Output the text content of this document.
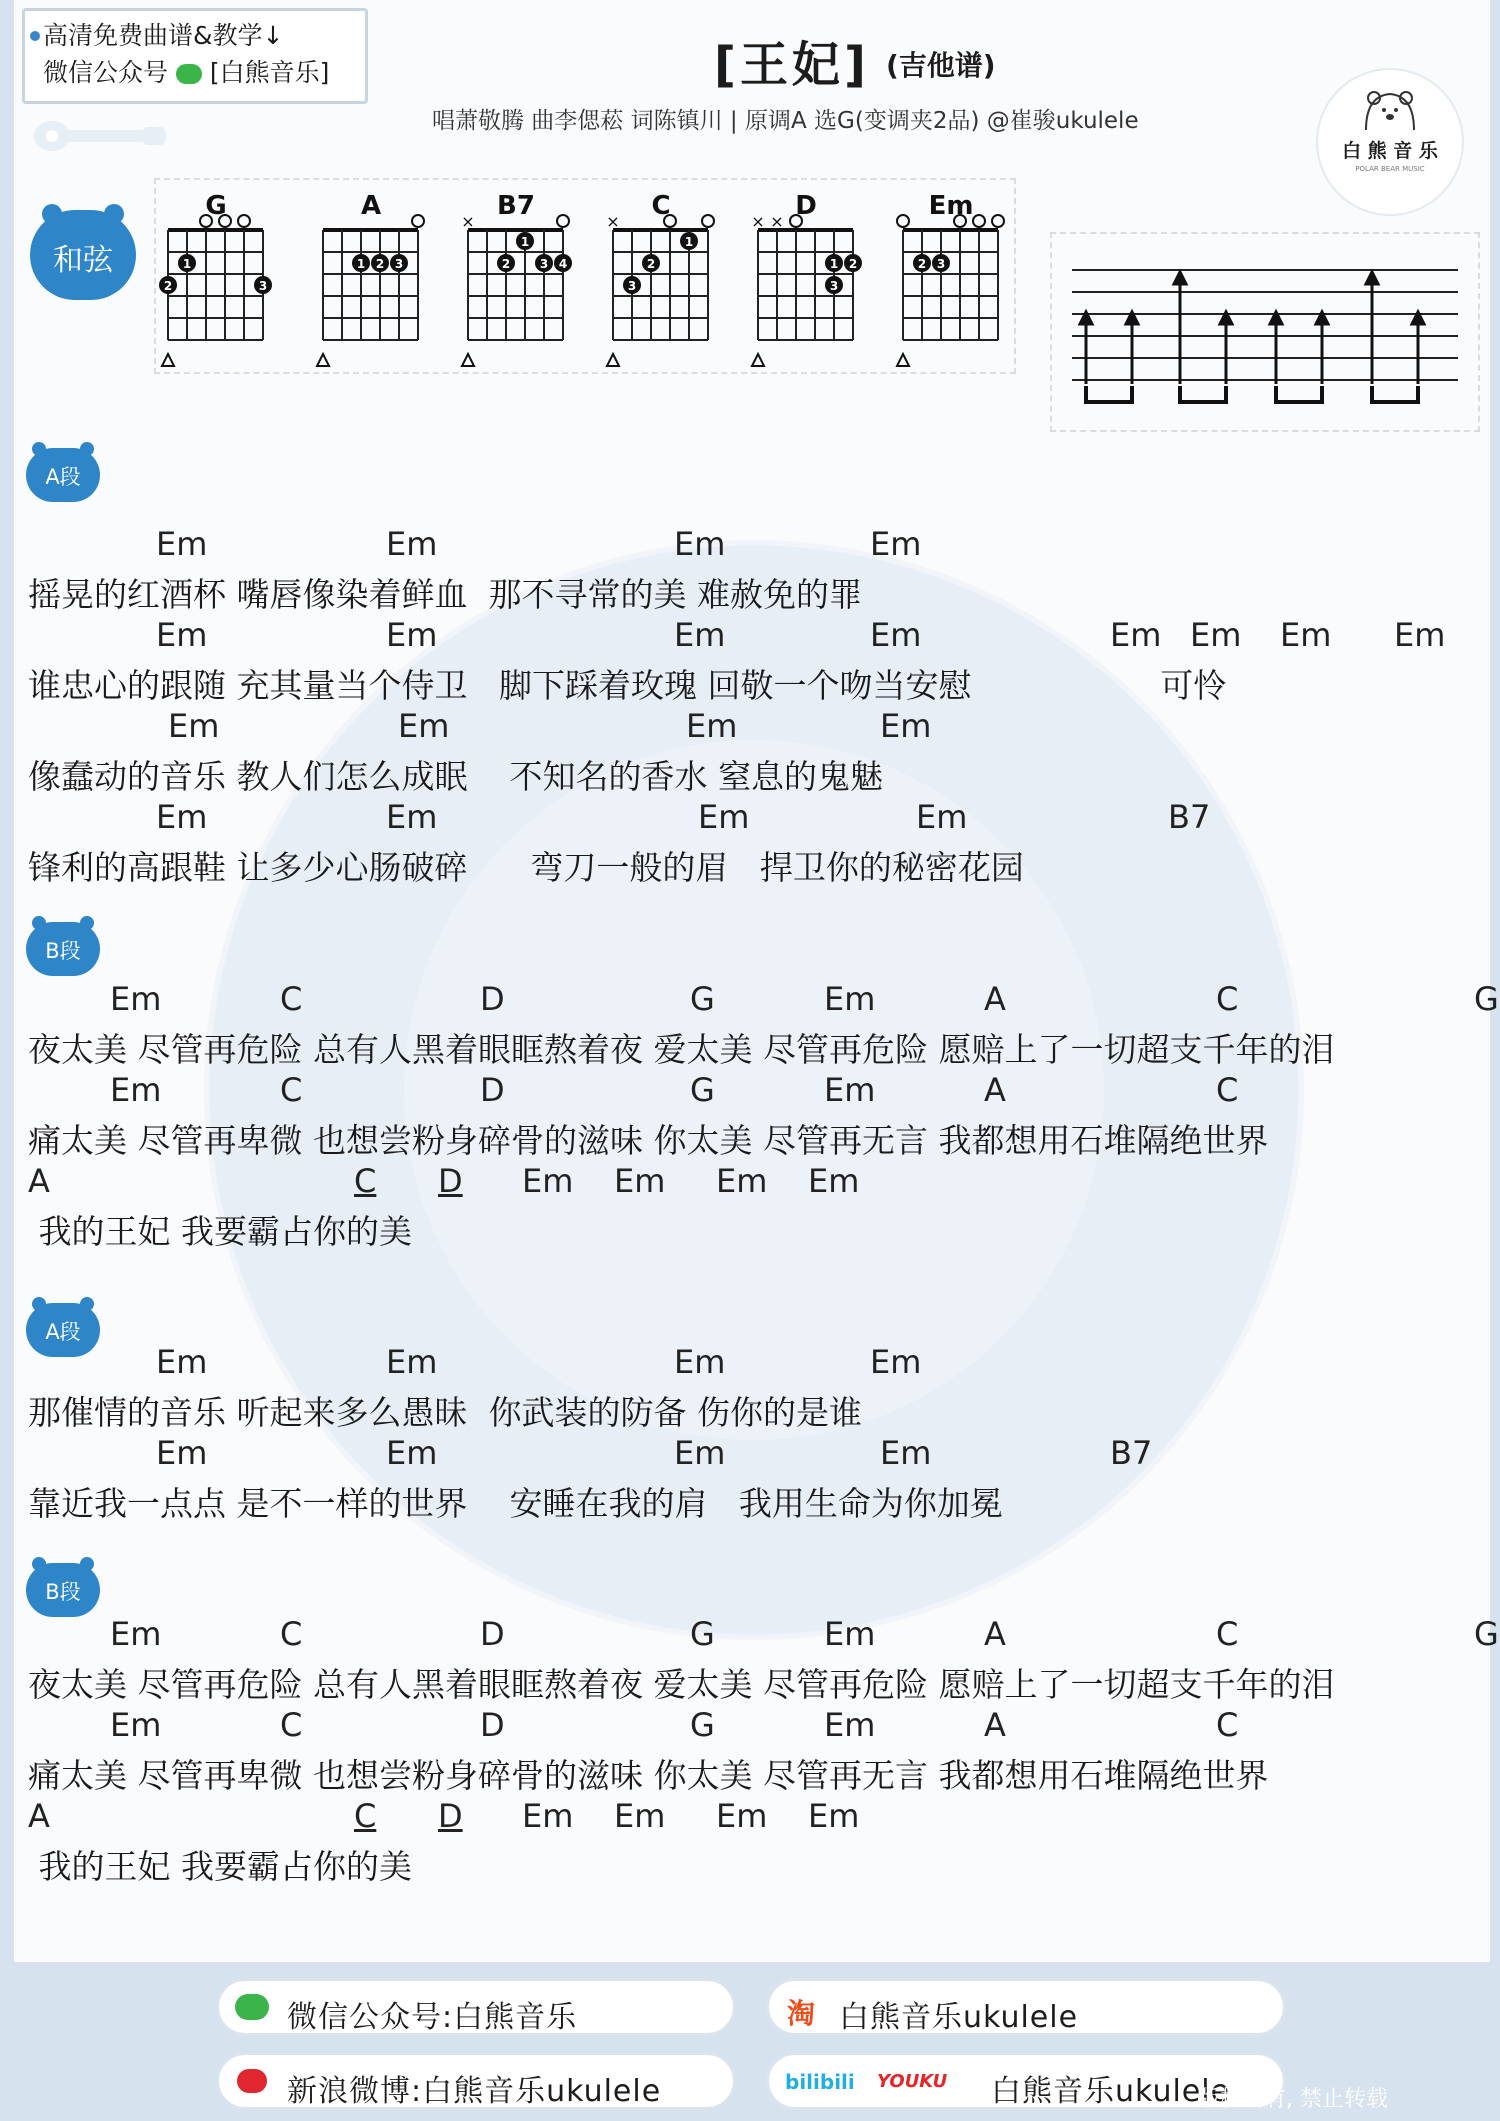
高清免费曲谱&教学↓
微信公众号 [白熊音乐]	[王妃] (吉他谱)
唱萧敬腾 曲李偲菘 词陈镇川 | 原调A 选G(变调夹2品) @崔骏ukulele
白 熊 音 乐
POLAR BEAR MUSIC
和弦
G
1
2	3
A
1 2 3
B7
×
1
2 3 4
C
×
1
2
3
D
× ×
1 2
3
Em
2 3
A段
Em	Em	Em	Em
摇晃的红酒杯 嘴唇像染着鲜血  那不寻常的美 难赦免的罪
Em	Em	Em	Em	Em Em Em Em
谁忠心的跟随 充其量当个侍卫   脚下踩着玫瑰 回敬一个吻当安慰                  可怜
Em	Em	Em	Em
像蠢动的音乐 教人们怎么成眠    不知名的香水 窒息的鬼魅
Em	Em	Em	Em	B7
锋利的高跟鞋 让多少心肠破碎      弯刀一般的眉   捍卫你的秘密花园
B段
Em	C	D	G	Em	A	C	G
夜太美 尽管再危险 总有人黑着眼眶熬着夜 爱太美 尽管再危险 愿赔上了一切超支千年的泪
Em	C	D	G	Em	A	C
痛太美 尽管再卑微 也想尝粉身碎骨的滋味 你太美 尽管再无言 我都想用石堆隔绝世界
A	C D Em Em Em Em
我的王妃 我要霸占你的美
A段
Em	Em	Em	Em
那催情的音乐 听起来多么愚昧  你武装的防备 伤你的是谁
Em	Em	Em	Em	B7
靠近我一点点 是不一样的世界    安睡在我的肩   我用生命为你加冕
B段
Em	C	D	G	Em	A	C	G
夜太美 尽管再危险 总有人黑着眼眶熬着夜 爱太美 尽管再危险 愿赔上了一切超支千年的泪
Em	C	D	G	Em	A	C
痛太美 尽管再卑微 也想尝粉身碎骨的滋味 你太美 尽管再无言 我都想用石堆隔绝世界
A	C D Em Em Em Em
我的王妃 我要霸占你的美
微信公众号:白熊音乐	淘 白熊音乐ukulele
新浪微博:白熊音乐ukulele	bilibili YOUKU 白熊音乐ukulele
版权所有, 禁止转载
